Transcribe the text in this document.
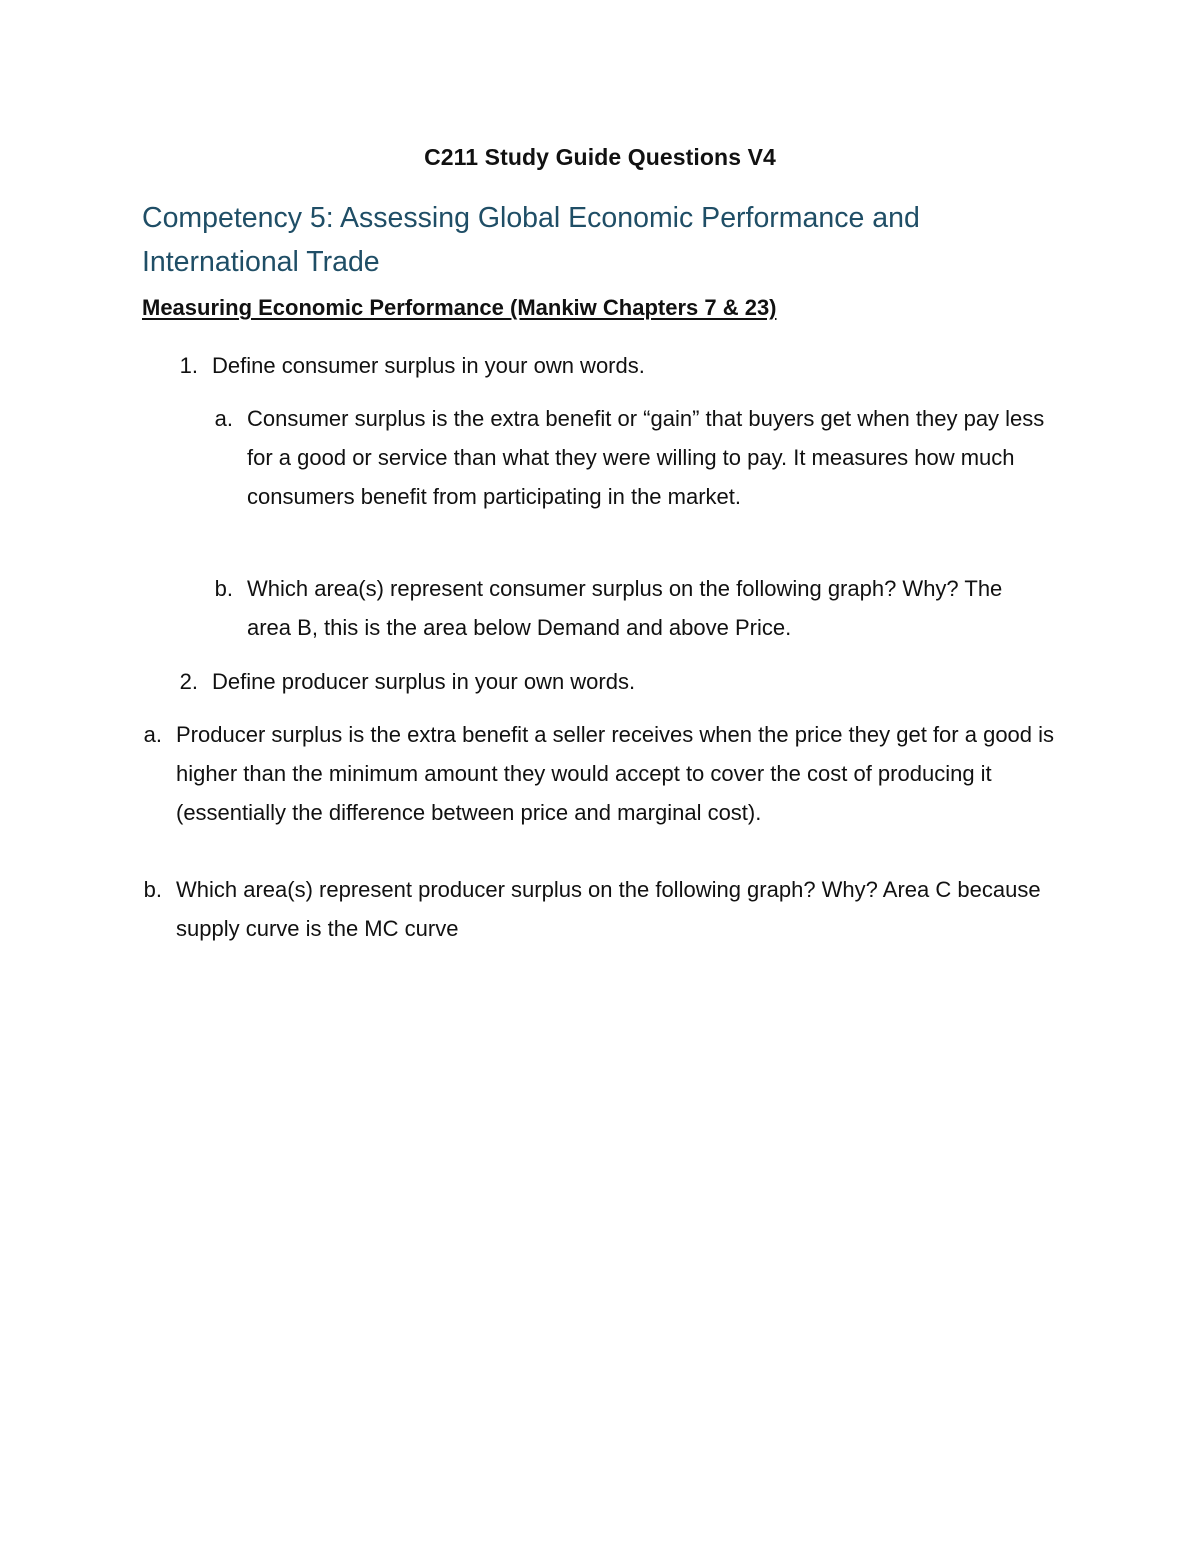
C211 Study Guide Questions V4
Competency 5: Assessing Global Economic Performance and International Trade
Measuring Economic Performance (Mankiw Chapters 7 & 23)
1. Define consumer surplus in your own words.
a. Consumer surplus is the extra benefit or “gain” that buyers get when they pay less for a good or service than what they were willing to pay. It measures how much consumers benefit from participating in the market.
b. Which area(s) represent consumer surplus on the following graph? Why? The area B, this is the area below Demand and above Price.
2. Define producer surplus in your own words.
a. Producer surplus is the extra benefit a seller receives when the price they get for a good is higher than the minimum amount they would accept to cover the cost of producing it (essentially the difference between price and marginal cost).
b. Which area(s) represent producer surplus on the following graph? Why? Area C because supply curve is the MC curve
